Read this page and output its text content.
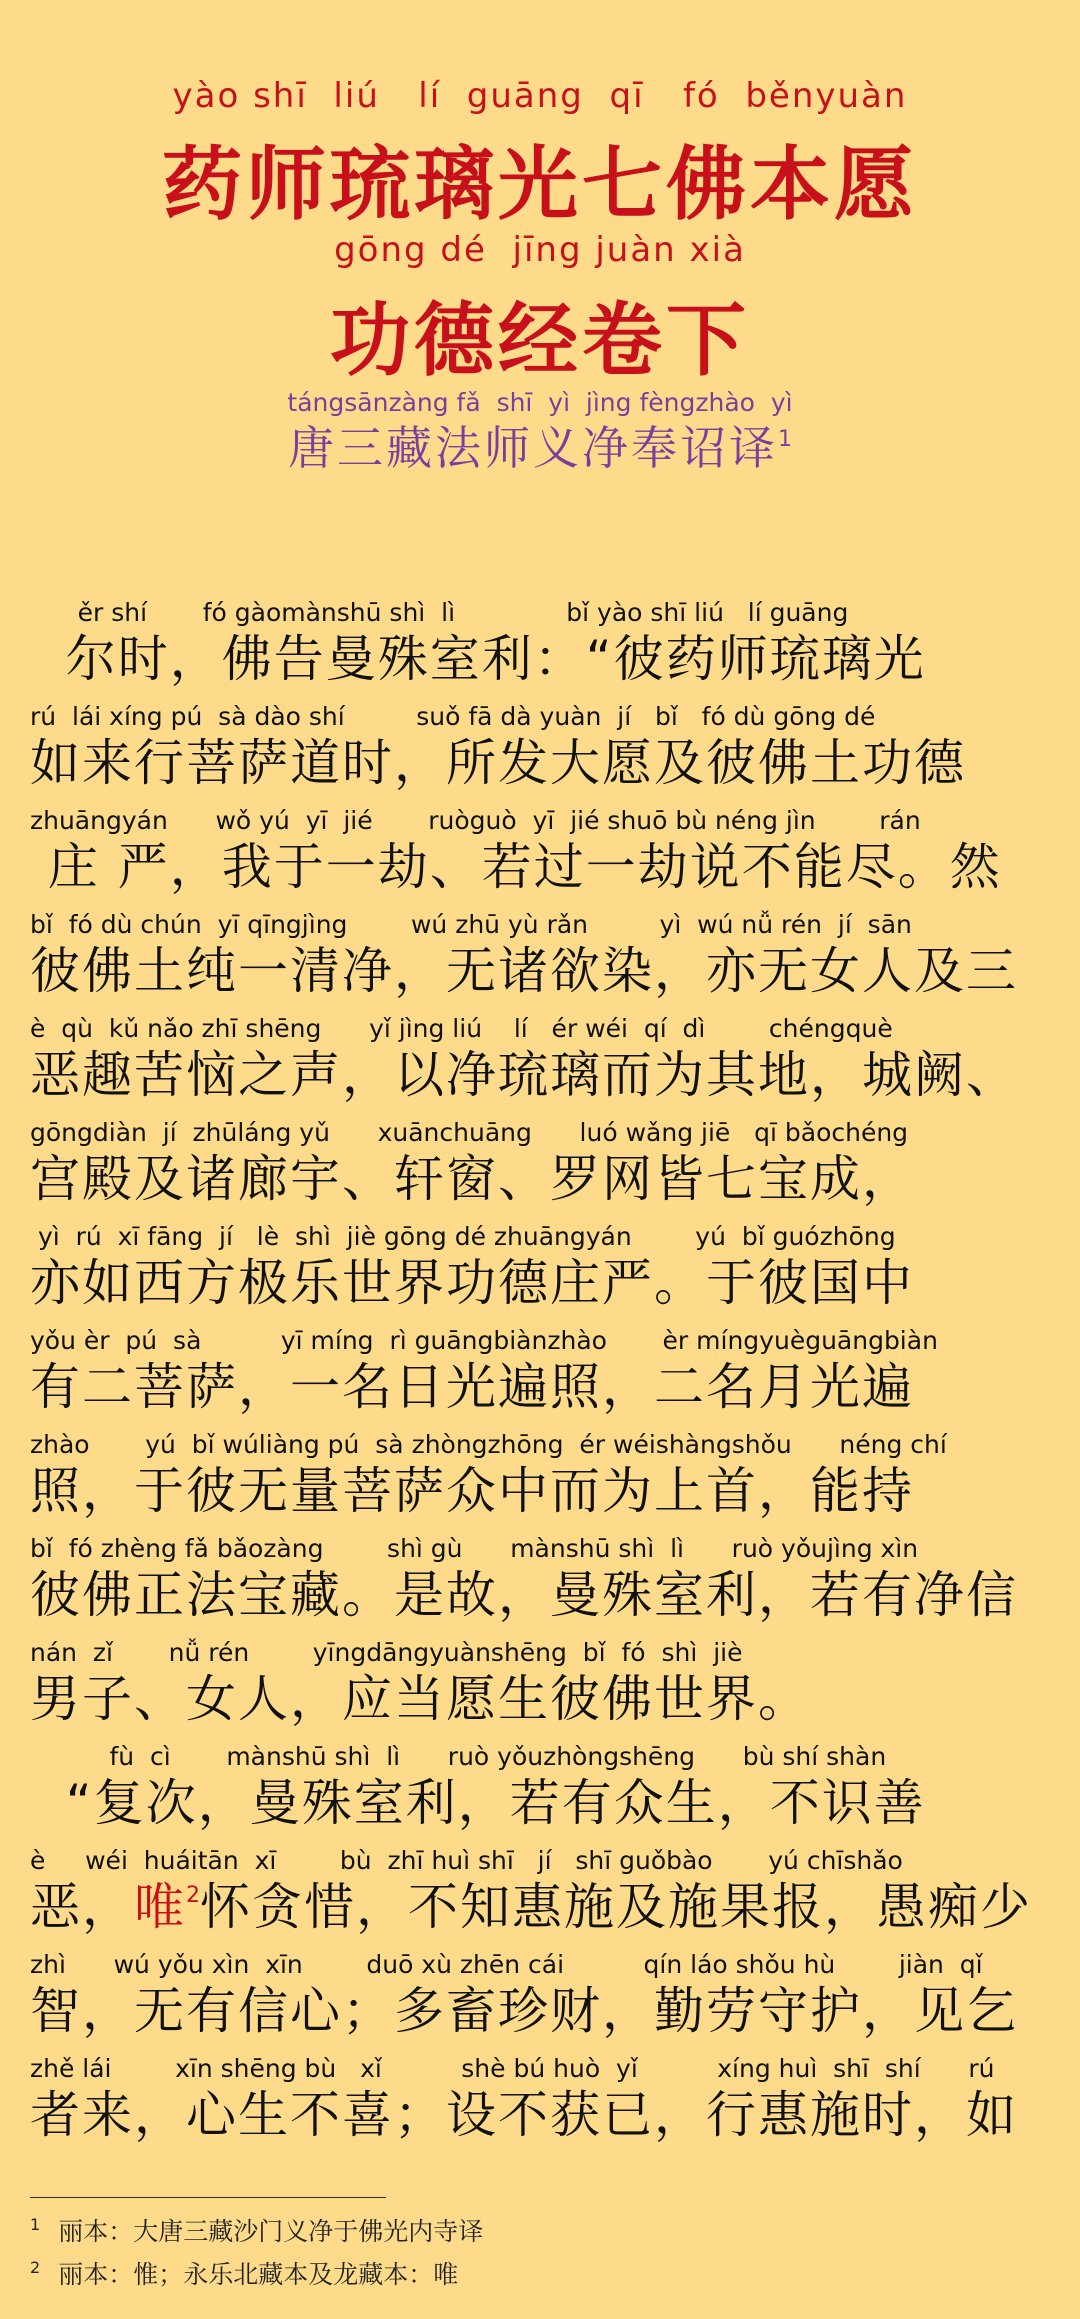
yào shī  liú   lí  guāng  qī   fó  běnyuàn
药师琉璃光七佛本愿
gōng dé  jīng juàn xià
功德经卷下
tángsānzàng fǎ  shī  yì  jìng fèngzhào  yì
唐三藏法师义净奉诏译$^1$
ěr shí       fó gàomànshū shì  lì              bǐ yào shī liú   lí guāng
尔时，佛告曼殊室利：“彼药师琉璃光
rú  lái xíng pú  sà dào shí         suǒ fā dà yuàn  jí   bǐ   fó dù gōng dé
如来行菩萨道时，所发大愿及彼佛土功德
zhuāngyán      wǒ yú  yī  jié       ruòguò  yī  jié shuō bù néng jìn        rán
庄 严，我于一劫、若过一劫说不能尽。然
bǐ  fó dù chún  yī qīngjìng        wú zhū yù rǎn         yì  wú nǚ rén  jí  sān
彼佛土纯一清净，无诸欲染，亦无女人及三
è  qù  kǔ nǎo zhī shēng      yǐ jìng liú    lí   ér wéi  qí  dì        chéngquè
恶趣苦恼之声，以净琉璃而为其地，城阙、
gōngdiàn  jí  zhūláng yǔ      xuānchuāng      luó wǎng jiē   qī bǎochéng
宫殿及诸廊宇、轩窗、罗网皆七宝成，
yì  rú  xī fāng  jí   lè  shì  jiè gōng dé zhuāngyán        yú  bǐ guózhōng
亦如西方极乐世界功德庄严。于彼国中
yǒu èr  pú  sà          yī míng  rì guāngbiànzhào       èr míngyuèguāngbiàn
有二菩萨，一名日光遍照，二名月光遍
zhào       yú  bǐ wúliàng pú  sà zhòngzhōng  ér wéishàngshǒu      néng chí
照，于彼无量菩萨众中而为上首，能持
bǐ  fó zhèng fǎ bǎozàng        shì gù      mànshū shì  lì      ruò yǒujìng xìn
彼佛正法宝藏。是故，曼殊室利，若有净信
nán  zǐ       nǚ rén        yīngdāngyuànshēng  bǐ  fó  shì  jiè
男子、女人，应当愿生彼佛世界。
fù  cì       mànshū shì  lì      ruò yǒuzhòngshēng      bù shí shàn
“复次，曼殊室利，若有众生，不识善
è     wéi  huáitān  xī        bù  zhī huì shī   jí   shī guǒbào       yú chīshǎo
恶，唯$^2$怀贪惜，不知惠施及施果报，愚痴少
zhì      wú yǒu xìn  xīn        duō xù zhēn cái          qín láo shǒu hù        jiàn  qǐ
智，无有信心；多畜珍财，勤劳守护，见乞
zhě lái        xīn shēng bù   xǐ          shè bú huò  yǐ          xíng huì  shī  shí      rú
者来，心生不喜；设不获已，行惠施时，如
$^1$ 丽本：大唐三藏沙门义净于佛光内寺译
$^2$ 丽本：惟；永乐北藏本及龙藏本：唯
